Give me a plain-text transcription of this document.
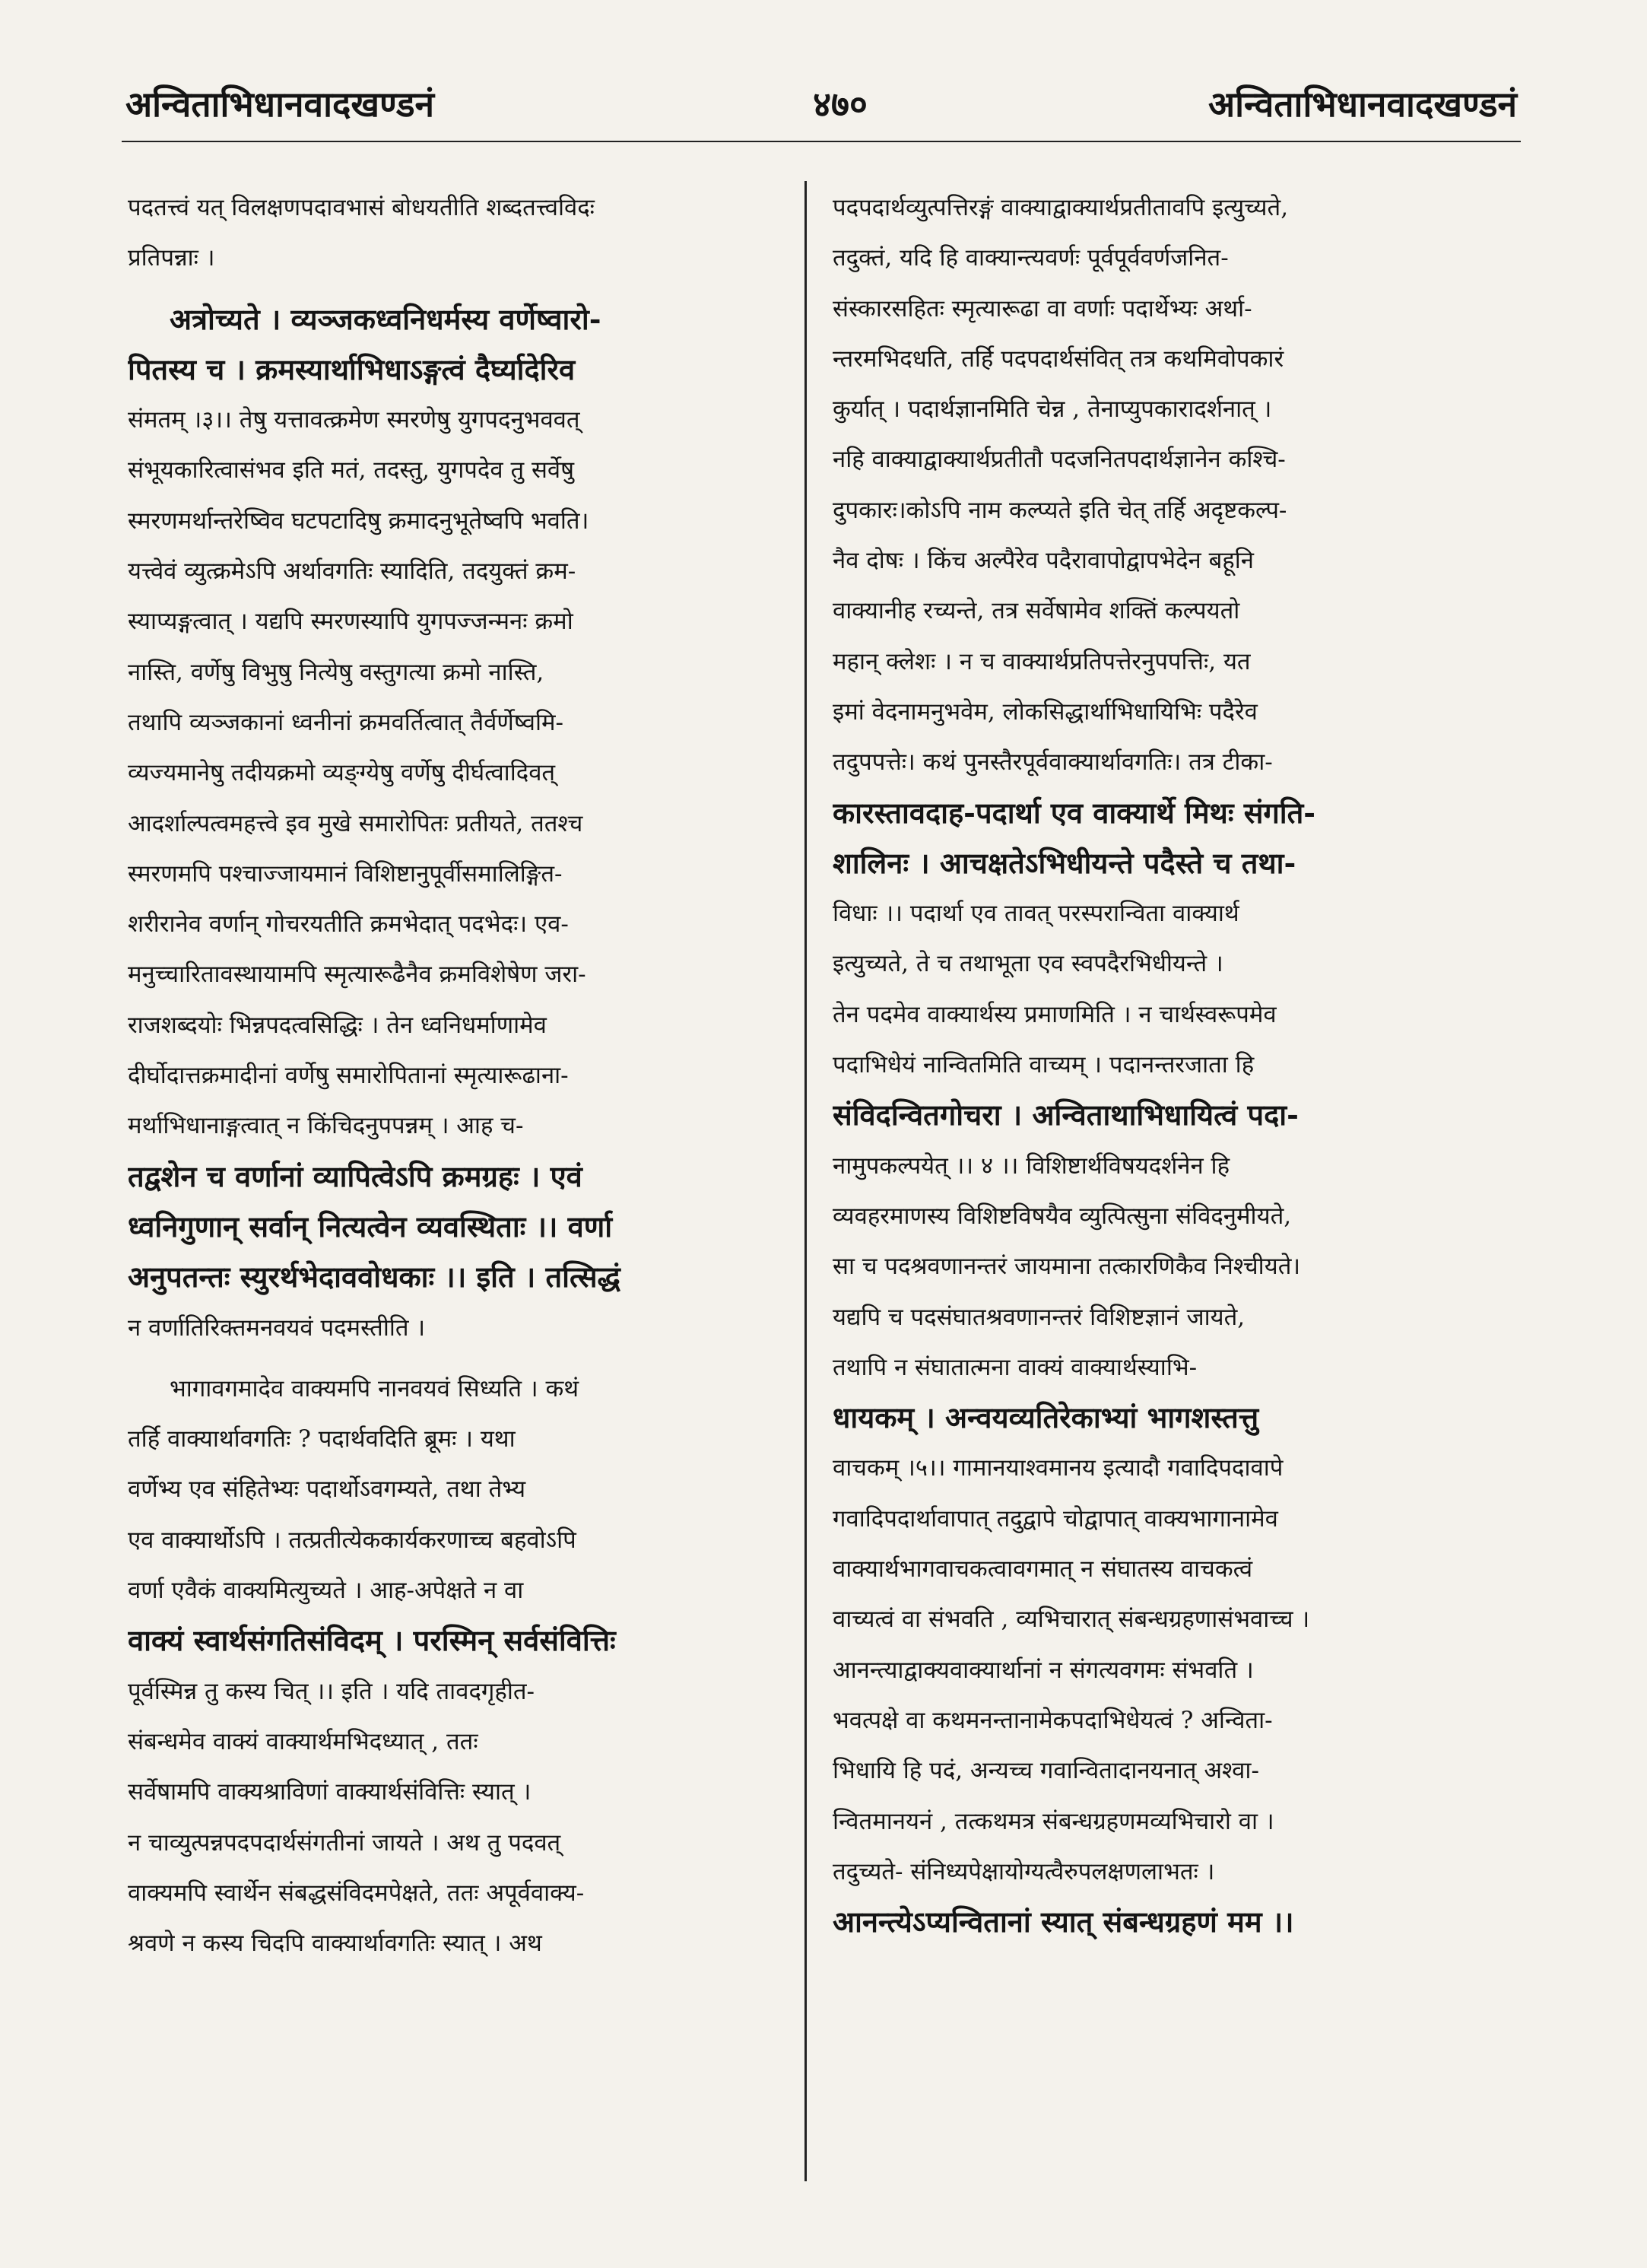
अन्विताभिधानवादखण्डनं	४७०	अन्विताभिधानवादखण्डनं
पदतत्त्वं यत् विलक्षणपदावभासं बोधयतीति शब्दतत्त्वविदः
प्रतिपन्नाः ।
अत्रोच्यते । व्यञ्जकध्वनिधर्मस्य वर्णेष्वारो-
पितस्य च । क्रमस्यार्थाभिधाऽङ्गत्वं दैर्घ्यादेरिव
संमतम् ।३।। तेषु यत्तावत्क्रमेण स्मरणेषु युगपदनुभववत्
संभूयकारित्वासंभव इति मतं, तदस्तु, युगपदेव तु सर्वेषु
स्मरणमर्थान्तरेष्विव घटपटादिषु क्रमादनुभूतेष्वपि भवति।
यत्त्वेवं व्युत्क्रमेऽपि अर्थावगतिः स्यादिति, तदयुक्तं क्रम-
स्याप्यङ्गत्वात् । यद्यपि स्मरणस्यापि युगपज्जन्मनः क्रमो
नास्ति, वर्णेषु विभुषु नित्येषु वस्तुगत्या क्रमो नास्ति,
तथापि व्यञ्जकानां ध्वनीनां क्रमवर्तित्वात् तैर्वर्णेष्वमि-
व्यज्यमानेषु तदीयक्रमो व्यङ्ग्येषु वर्णेषु दीर्घत्वादिवत्
आदर्शाल्पत्वमहत्त्वे इव मुखे समारोपितः प्रतीयते, ततश्च
स्मरणमपि पश्चाज्जायमानं विशिष्टानुपूर्वीसमालिङ्गित-
शरीरानेव वर्णान् गोचरयतीति क्रमभेदात् पदभेदः। एव-
मनुच्चारितावस्थायामपि स्मृत्यारूढैनैव क्रमविशेषेण जरा-
राजशब्दयोः भिन्नपदत्वसिद्धिः । तेन ध्वनिधर्माणामेव
दीर्घोदात्तक्रमादीनां वर्णेषु समारोपितानां स्मृत्यारूढाना-
मर्थाभिधानाङ्गत्वात् न किंचिदनुपपन्नम् । आह च-
तद्वशेन च वर्णानां व्यापित्वेऽपि क्रमग्रहः । एवं
ध्वनिगुणान् सर्वान् नित्यत्वेन व्यवस्थिताः ।। वर्णा
अनुपतन्तः स्युरर्थभेदाववोधकाः ।। इति । तत्सिद्धं
न वर्णातिरिक्तमनवयवं पदमस्तीति ।
भागावगमादेव वाक्यमपि नानवयवं सिध्यति । कथं
तर्हि वाक्यार्थावगतिः ? पदार्थवदिति ब्रूमः । यथा
वर्णेभ्य एव संहितेभ्यः पदार्थोऽवगम्यते, तथा तेभ्य
एव वाक्यार्थोऽपि । तत्प्रतीत्येककार्यकरणाच्च बहवोऽपि
वर्णा एवैकं वाक्यमित्युच्यते । आह-अपेक्षते न वा
वाक्यं स्वार्थसंगतिसंविदम् । परस्मिन् सर्वसंवित्तिः
पूर्वस्मिन्न तु कस्य चित् ।। इति । यदि तावदगृहीत-
संबन्धमेव वाक्यं वाक्यार्थमभिदध्यात् , ततः
सर्वेषामपि वाक्यश्राविणां वाक्यार्थसंवित्तिः स्यात् ।
न चाव्युत्पन्नपदपदार्थसंगतीनां जायते । अथ तु पदवत्
वाक्यमपि स्वार्थेन संबद्धसंविदमपेक्षते, ततः अपूर्ववाक्य-
श्रवणे न कस्य चिदपि वाक्यार्थावगतिः स्यात् । अथ
पदपदार्थव्युत्पत्तिरङ्गं वाक्याद्वाक्यार्थप्रतीतावपि इत्युच्यते,
तदुक्तं, यदि हि वाक्यान्त्यवर्णः पूर्वपूर्ववर्णजनित-
संस्कारसहितः स्मृत्यारूढा वा वर्णाः पदार्थेभ्यः अर्था-
न्तरमभिदधति, तर्हि पदपदार्थसंवित् तत्र कथमिवोपकारं
कुर्यात् । पदार्थज्ञानमिति चेन्न , तेनाप्युपकारादर्शनात् ।
नहि वाक्याद्वाक्यार्थप्रतीतौ पदजनितपदार्थज्ञानेन कश्चि-
दुपकारः।कोऽपि नाम कल्प्यते इति चेत् तर्हि अदृष्टकल्प-
नैव दोषः । किंच अल्पैरेव पदैरावापोद्वापभेदेन बहूनि
वाक्यानीह रच्यन्ते, तत्र सर्वेषामेव शक्तिं कल्पयतो
महान् क्लेशः । न च वाक्यार्थप्रतिपत्तेरनुपपत्तिः, यत
इमां वेदनामनुभवेम, लोकसिद्धार्थाभिधायिभिः पदैरेव
तदुपपत्तेः। कथं पुनस्तैरपूर्ववाक्यार्थावगतिः। तत्र टीका-
कारस्तावदाह-पदार्था एव वाक्यार्थे मिथः संगति-
शालिनः । आचक्षतेऽभिधीयन्ते पदैस्ते च तथा-
विधाः ।। पदार्था एव तावत् परस्परान्विता वाक्यार्थ
इत्युच्यते, ते च तथाभूता एव स्वपदैरभिधीयन्ते ।
तेन पदमेव वाक्यार्थस्य प्रमाणमिति । न चार्थस्वरूपमेव
पदाभिधेयं नान्वितमिति वाच्यम् । पदानन्तरजाता हि
संविदन्वितगोचरा । अन्विताथाभिधायित्वं पदा-
नामुपकल्पयेत् ।। ४ ।। विशिष्टार्थविषयदर्शनेन हि
व्यवहरमाणस्य विशिष्टविषयैव व्युत्पित्सुना संविदनुमीयते,
सा च पदश्रवणानन्तरं जायमाना तत्कारणिकैव निश्चीयते।
यद्यपि च पदसंघातश्रवणानन्तरं विशिष्टज्ञानं जायते,
तथापि न संघातात्मना वाक्यं वाक्यार्थस्याभि-
धायकम् । अन्वयव्यतिरेकाभ्यां भागशस्तत्तु
वाचकम् ।५।। गामानयाश्वमानय इत्यादौ गवादिपदावापे
गवादिपदार्थावापात् तदुद्वापे चोद्वापात् वाक्यभागानामेव
वाक्यार्थभागवाचकत्वावगमात् न संघातस्य वाचकत्वं
वाच्यत्वं वा संभवति , व्यभिचारात् संबन्धग्रहणासंभवाच्च ।
आनन्त्याद्वाक्यवाक्यार्थानां न संगत्यवगमः संभवति ।
भवत्पक्षे वा कथमनन्तानामेकपदाभिधेयत्वं ? अन्विता-
भिधायि हि पदं, अन्यच्च गवान्वितादानयनात् अश्वा-
न्वितमानयनं , तत्कथमत्र संबन्धग्रहणमव्यभिचारो वा ।
तदुच्यते- संनिध्यपेक्षायोग्यत्वैरुपलक्षणलाभतः ।
आनन्त्येऽप्यन्वितानां स्यात् संबन्धग्रहणं मम ।।
